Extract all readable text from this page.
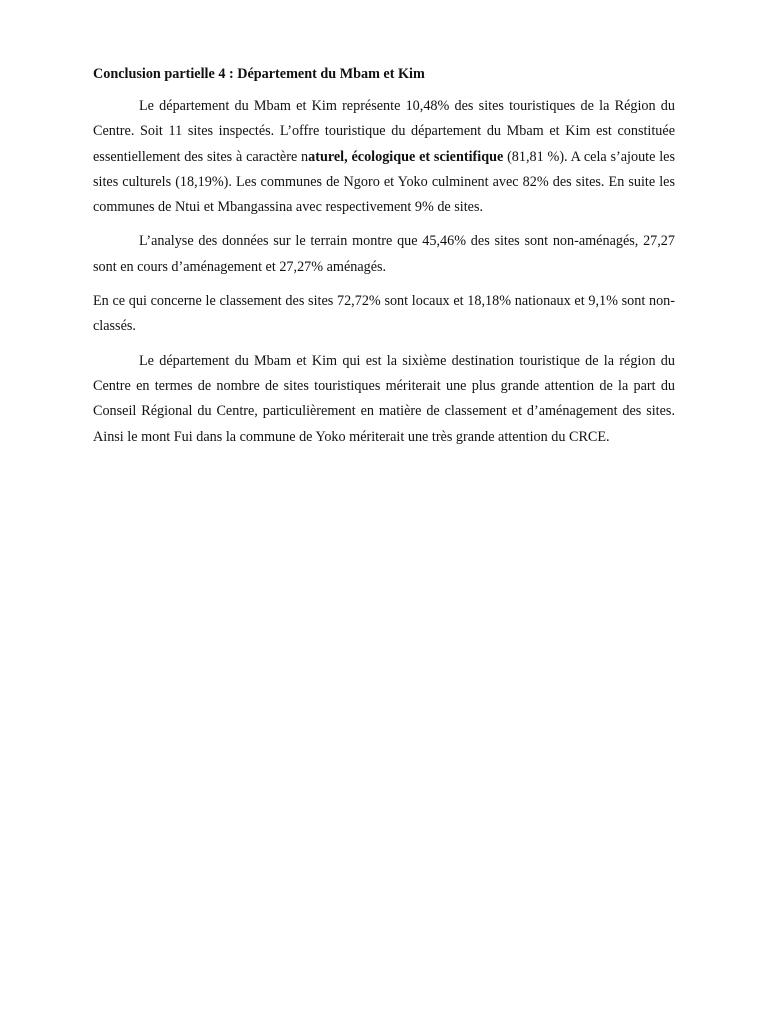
Conclusion partielle 4 : Département du Mbam et Kim

Le département du Mbam et Kim représente 10,48% des sites touristiques de la Région du Centre. Soit 11 sites inspectés. L’offre touristique du département du Mbam et Kim est constituée essentiellement des sites à caractère naturel, écologique et scientifique (81,81 %). A cela s’ajoute les sites culturels (18,19%). Les communes de Ngoro et Yoko culminent avec 82% des sites. En suite les communes de Ntui et Mbangassina avec respectivement 9% de sites.

L’analyse des données sur le terrain montre que 45,46% des sites sont non-aménagés, 27,27 sont en cours d’aménagement et 27,27% aménagés.

En ce qui concerne le classement des sites 72,72% sont locaux et 18,18% nationaux et 9,1% sont non-classés.

Le département du Mbam et Kim qui est la sixième destination touristique de la région du Centre en termes de nombre de sites touristiques mériterait une plus grande attention de la part du Conseil Régional du Centre, particulièrement en matière de classement et d’aménagement des sites. Ainsi le mont Fui dans la commune de Yoko mériterait une très grande attention du CRCE.
